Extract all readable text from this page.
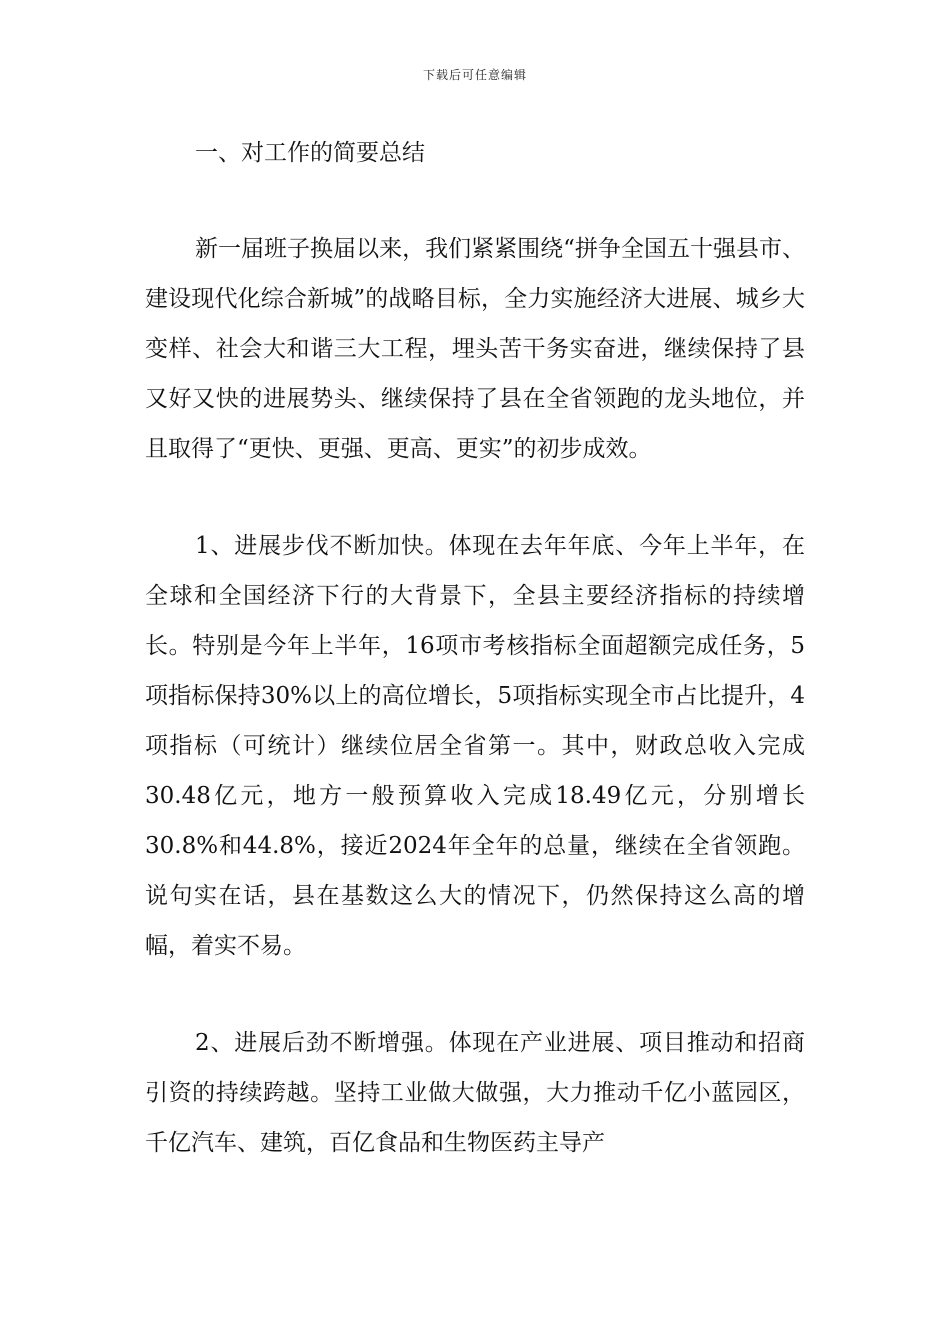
下载后可任意编辑
一、对工作的简要总结

新一届班子换届以来，我们紧紧围绕“拼争全国五十强县市、建设现代化综合新城”的战略目标，全力实施经济大进展、城乡大变样、社会大和谐三大工程，埋头苦干务实奋进，继续保持了县又好又快的进展势头、继续保持了县在全省领跑的龙头地位，并且取得了“更快、更强、更高、更实”的初步成效。

1、进展步伐不断加快。体现在去年年底、今年上半年，在全球和全国经济下行的大背景下，全县主要经济指标的持续增长。特别是今年上半年，16项市考核指标全面超额完成任务，5项指标保持30%以上的高位增长，5项指标实现全市占比提升，4项指标（可统计）继续位居全省第一。其中，财政总收入完成30.48亿元，地方一般预算收入完成18.49亿元，分别增长30.8%和44.8%，接近2024年全年的总量，继续在全省领跑。说句实在话，县在基数这么大的情况下，仍然保持这么高的增幅，着实不易。

2、进展后劲不断增强。体现在产业进展、项目推动和招商引资的持续跨越。坚持工业做大做强，大力推动千亿小蓝园区，千亿汽车、建筑，百亿食品和生物医药主导产
